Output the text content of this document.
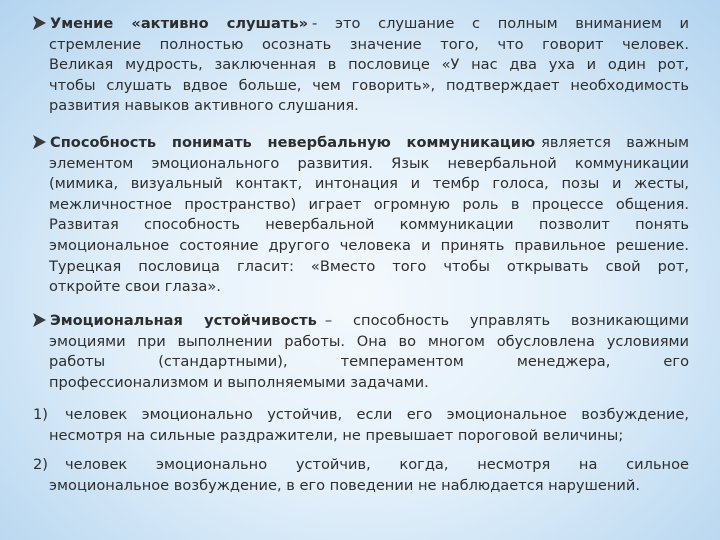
Умение «активно слушать» - это слушание с полным вниманием и
стремление полностью осознать значение того, что говорит человек.
Великая мудрость, заключенная в пословице «У нас два уха и один рот,
чтобы слушать вдвое больше, чем говорить», подтверждает необходимость
развития навыков активного слушания.
Способность понимать невербальную коммуникацию является важным
элементом эмоционального развития. Язык невербальной коммуникации
(мимика, визуальный контакт, интонация и тембр голоса, позы и жесты,
межличностное пространство) играет огромную роль в процессе общения.
Развитая способность невербальной коммуникации позволит понять
эмоциональное состояние другого человека и принять правильное решение.
Турецкая пословица гласит: «Вместо того чтобы открывать свой рот,
откройте свои глаза».
Эмоциональная устойчивость – способность управлять возникающими
эмоциями при выполнении работы. Она во многом обусловлена условиями
работы (стандартными), темпераментом менеджера, его
профессионализмом и выполняемыми задачами.
1)	человек эмоционально устойчив, если его эмоциональное возбуждение,
несмотря на сильные раздражители, не превышает пороговой величины;
2)	человек эмоционально устойчив, когда, несмотря на сильное
эмоциональное возбуждение, в его поведении не наблюдается нарушений.
